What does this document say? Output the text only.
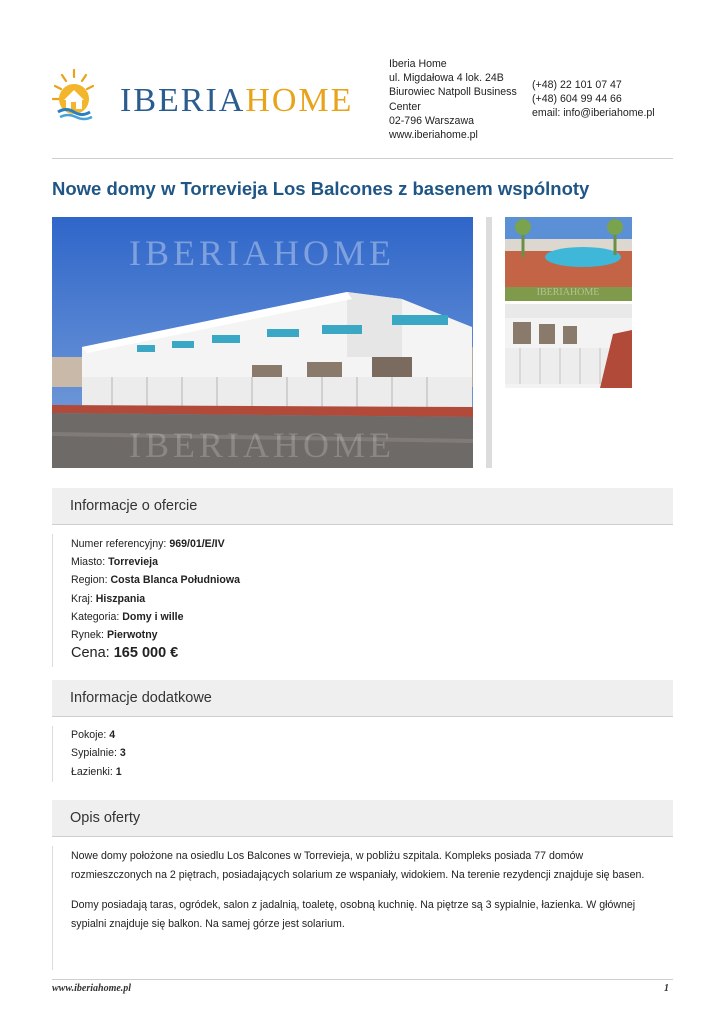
IBERIAHOME
Iberia Home
ul. Migdałowa 4 lok. 24B
Biurowiec Natpoll Business
Center
02-796 Warszawa
www.iberiahome.pl
(+48) 22 101 07 47
(+48) 604 99 44 66
email: info@iberiahome.pl
Nowe domy w Torrevieja Los Balcones z basenem wspólnoty
IBERIAHOME
IBERIAHOME
IBERIAHOME
Informacje o ofercie
Numer referencyjny: 969/01/E/IV
Miasto: Torrevieja
Region: Costa Blanca Południowa
Kraj: Hiszpania
Kategoria: Domy i wille
Rynek: Pierwotny
Cena: 165 000 €
Informacje dodatkowe
Pokoje: 4
Sypialnie: 3
Łazienki: 1
Opis oferty
Nowe domy położone na osiedlu Los Balcones w Torrevieja, w pobliżu szpitala. Kompleks posiada 77 domów rozmieszczonych na 2 piętrach, posiadających solarium ze wspaniały, widokiem. Na terenie rezydencji znajduje się basen.
Domy posiadają taras, ogródek, salon z jadalnią, toaletę, osobną kuchnię. Na piętrze są 3 sypialnie, łazienka. W głównej sypialni znajduje się balkon. Na samej górze jest solarium.
www.iberiahome.pl	1
